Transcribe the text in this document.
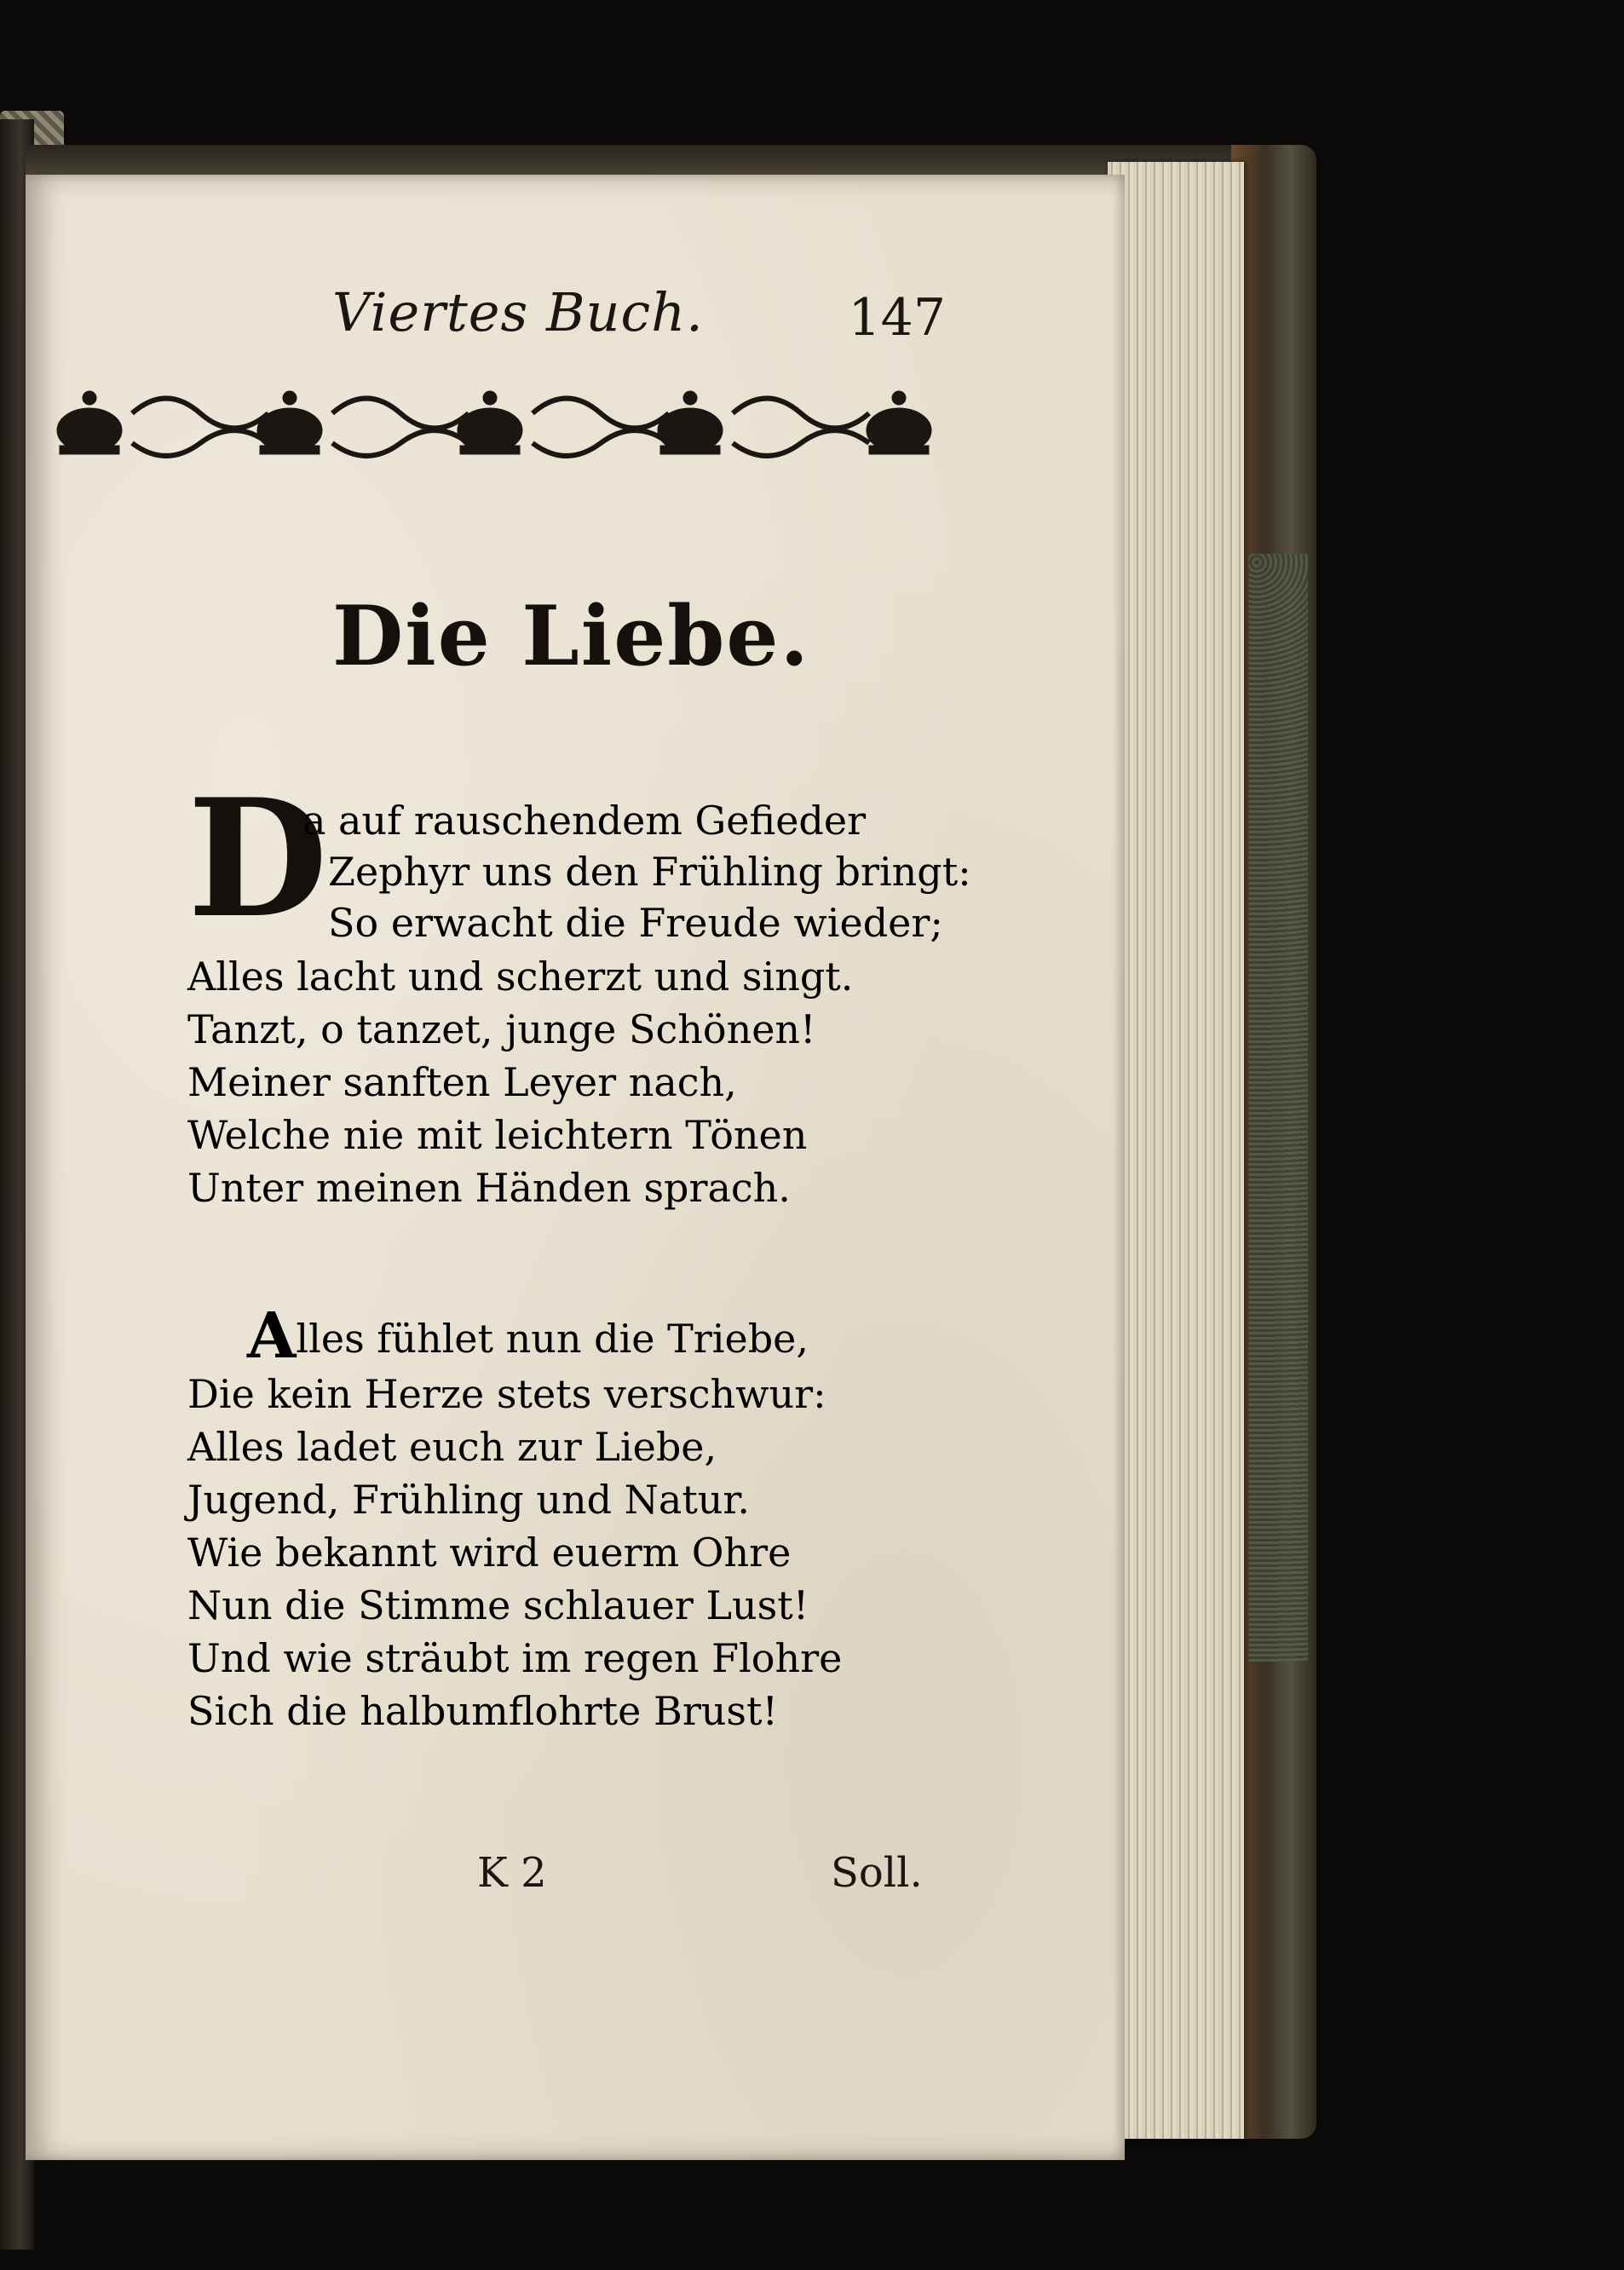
Viertes Buch.	147
Die Liebe.
D
a auf rauschendem Gefieder
Zephyr uns den Frühling bringt:
So erwacht die Freude wieder;
Alles lacht und scherzt und singt.
Tanzt, o tanzet, junge Schönen!
Meiner sanften Leyer nach,
Welche nie mit leichtern Tönen
Unter meinen Händen sprach.
Alles fühlet nun die Triebe,
Die kein Herze stets verschwur:
Alles ladet euch zur Liebe,
Jugend, Frühling und Natur.
Wie bekannt wird euerm Ohre
Nun die Stimme schlauer Lust!
Und wie sträubt im regen Flohre
Sich die halbumflohrte Brust!
K 2	Soll.
